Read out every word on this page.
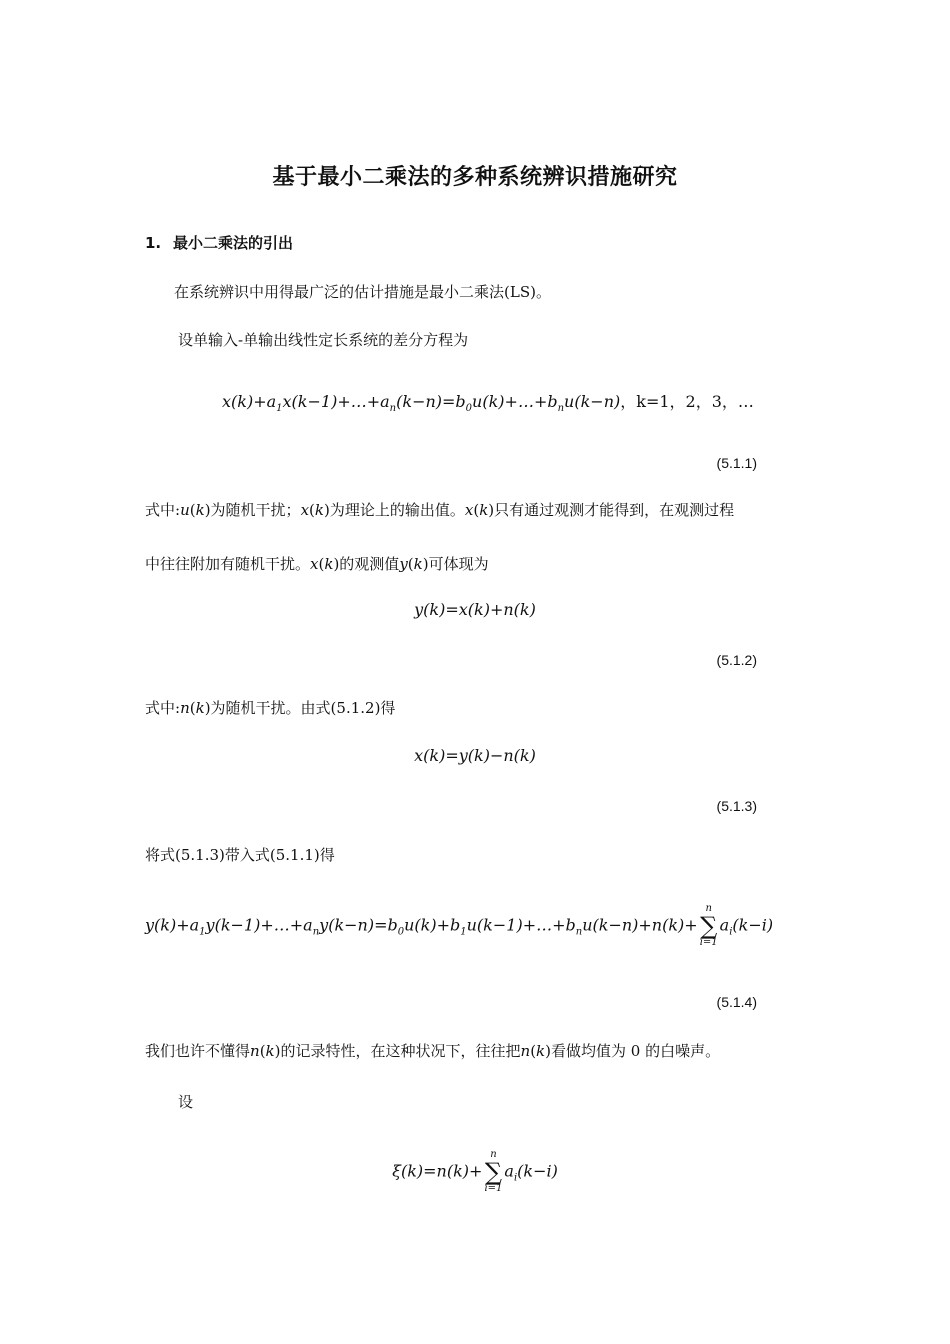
基于最小二乘法的多种系统辨识措施研究
1. 最小二乘法的引出
在系统辨识中用得最广泛的估计措施是最小二乘法(LS)。
设单输入-单输出线性定长系统的差分方程为
$x(k)+a_1x(k-1)+\dots+a_n(k-n)=b_0u(k)+\dots+b_nu(k-n)$，k=1，2，3，…
(5.1.1)
式中:u(k)为随机干扰；x(k)为理论上的输出值。x(k)只有通过观测才能得到，在观测过程
中往往附加有随机干扰。x(k)的观测值y(k)可体现为
y(k)=x(k)+n(k)
(5.1.2)
式中:n(k)为随机干扰。由式(5.1.2)得
x(k)=y(k)−n(k)
(5.1.3)
将式(5.1.3)带入式(5.1.1)得
$y(k)+a_1y(k-1)+\dots+a_ny(k-n)=b_0u(k)+b_1u(k-1)+\dots+b_nu(k-n)+n(k)+$
n
∑
i=1
$a_i(k-i)$
(5.1.4)
我们也许不懂得n(k)的记录特性，在这种状况下，往往把n(k)看做均值为 0 的白噪声。
设
ξ(k)=n(k)+
n
∑
i=1
$a_i(k-i)$
